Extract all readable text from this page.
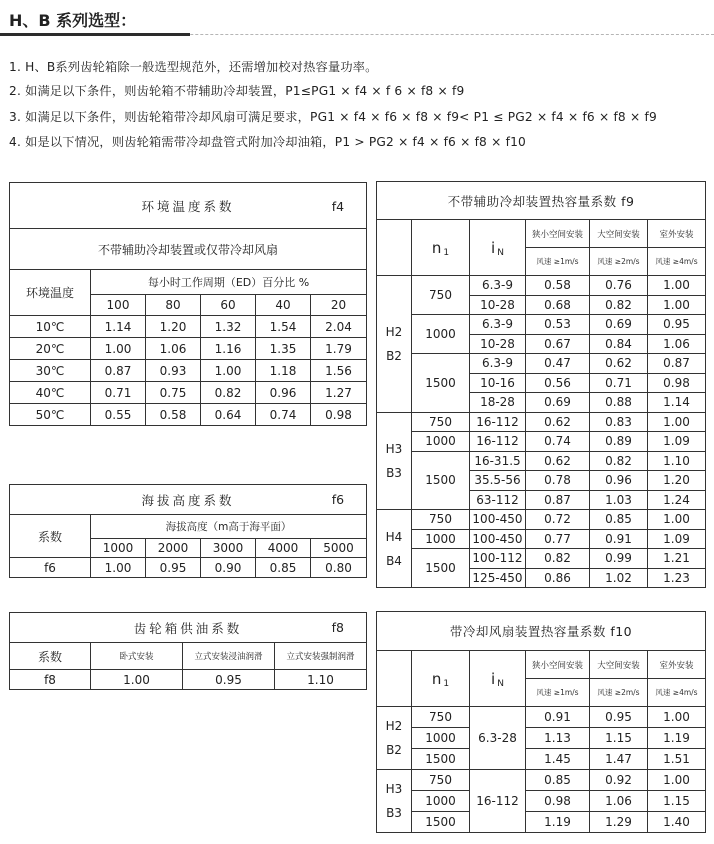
H、B 系列选型：
1. H、B系列齿轮箱除一般选型规范外，还需增加校对热容量功率。
2. 如满足以下条件，则齿轮箱不带辅助冷却装置，P1≤PG1 × f4 × f 6 × f8 × f9
3. 如满足以下条件，则齿轮箱带冷却风扇可满足要求，PG1 × f4 × f6 × f8 × f9< P1 ≤ PG2 × f4 × f6 × f8 × f9
4. 如是以下情况，则齿轮箱需带冷却盘管式附加冷却油箱，P1 > PG2 × f4 × f6 × f8 × f10
环境温度系数 f4					

不带辅助冷却装置或仅带冷却风扇					
环境温度	每小时工作周期（ED）百分比 %				
	100	80	60	40	20
10℃	1.14	1.20	1.32	1.54	2.04
20℃	1.00	1.06	1.16	1.35	1.79
30℃	0.87	0.93	1.00	1.18	1.56
40℃	0.71	0.75	0.82	0.96	1.27
50℃	0.55	0.58	0.64	0.74	0.98
海拔高度系数 f6					

系数	海拔高度（m高于海平面）				
	1000	2000	3000	4000	5000
f6	1.00	0.95	0.90	0.85	0.80
齿轮箱供油系数 f8			

系数	卧式安装	立式安装浸油润滑	立式安装强制润滑
f8	1.00	0.95	1.10
不带辅助冷却装置热容量系数 f9					
	n $_1$	i $_N$	狭小空间安装	大空间安装	室外安装
			风速 ≥1m/s	风速 ≥2m/s	风速 ≥4m/s

H2
B2	750	6.3-9	0.58	0.76	1.00
		10-28	0.68	0.82	1.00
	1000	6.3-9	0.53	0.69	0.95
		10-28	0.67	0.84	1.06
	1500	6.3-9	0.47	0.62	0.87
		10-16	0.56	0.71	0.98
		18-28	0.69	0.88	1.14

H3
B3	750	16-112	0.62	0.83	1.00
	1000	16-112	0.74	0.89	1.09
	1500	16-31.5	0.62	0.82	1.10
		35.5-56	0.78	0.96	1.20
		63-112	0.87	1.03	1.24

H4
B4	750	100-450	0.72	0.85	1.00
	1000	100-450	0.77	0.91	1.09
	1500	100-112	0.82	0.99	1.21
		125-450	0.86	1.02	1.23
带冷却风扇装置热容量系数 f10					
	n $_1$	i $_N$	狭小空间安装	大空间安装	室外安装
			风速 ≥1m/s	风速 ≥2m/s	风速 ≥4m/s

H2
B2	750	6.3-28	0.91	0.95	1.00
	1000		1.13	1.15	1.19
	1500		1.45	1.47	1.51

H3
B3	750	16-112	0.85	0.92	1.00
	1000		0.98	1.06	1.15
	1500		1.19	1.29	1.40
